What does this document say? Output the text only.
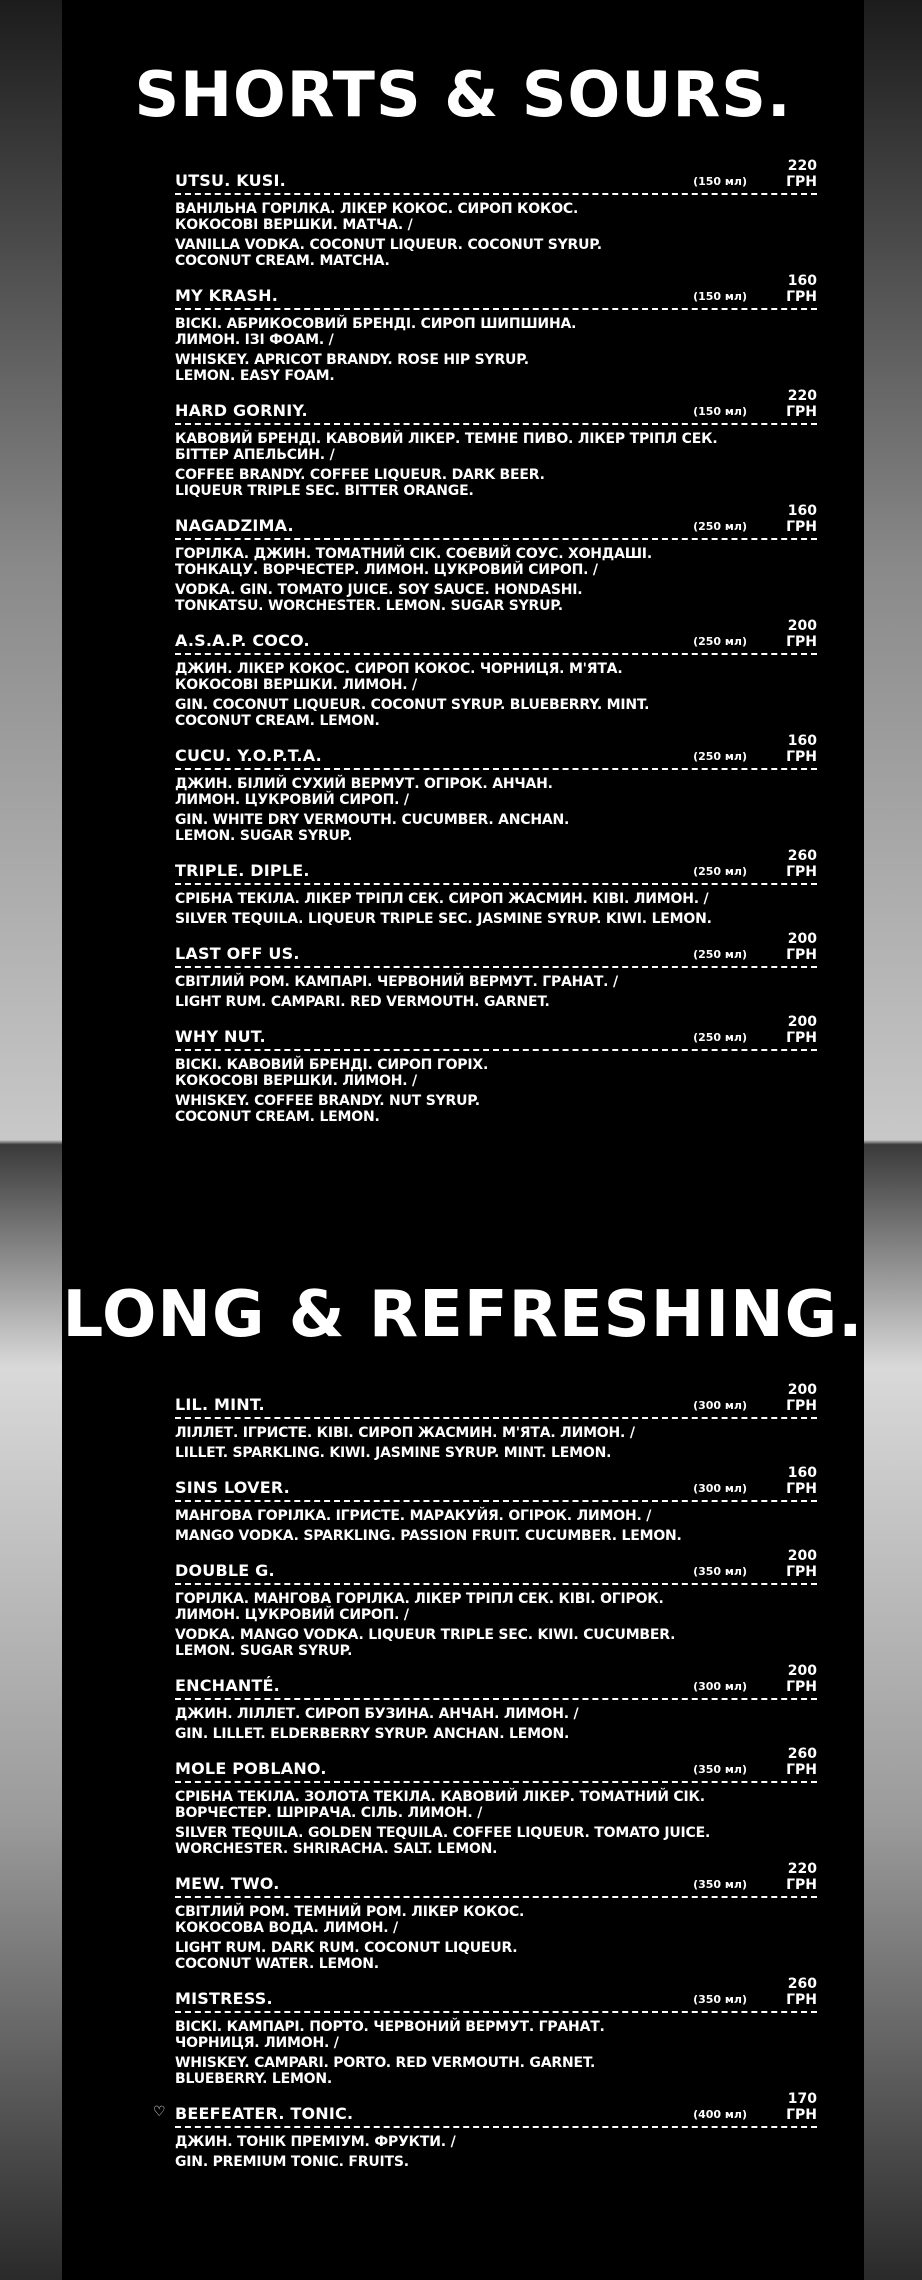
SHORTS & SOURS.
UTSU. KUSI.	(150 мл)
220 ГРН
ВАНІЛЬНА ГОРІЛКА. ЛІКЕР КОКОС. СИРОП КОКОС.
КОКОСОВІ ВЕРШКИ. МАТЧА. /
VANILLA VODKA. COCONUT LIQUEUR. COCONUT SYRUP.
COCONUT CREAM. MATCHA.
MY KRASH.	(150 мл)
160 ГРН
ВІСКІ. АБРИКОСОВИЙ БРЕНДІ. СИРОП ШИПШИНА.
ЛИМОН. ІЗІ ФОАМ. /
WHISKEY. APRICOT BRANDY. ROSE HIP SYRUP.
LEMON. EASY FOAM.
HARD GORNIY.	(150 мл)
220 ГРН
КАВОВИЙ БРЕНДІ. КАВОВИЙ ЛІКЕР. ТЕМНЕ ПИВО. ЛІКЕР ТРІПЛ СЕК.
БІТТЕР АПЕЛЬСИН. /
COFFEE BRANDY. COFFEE LIQUEUR. DARK BEER.
LIQUEUR TRIPLE SEC. BITTER ORANGE.
NAGADZIMA.	(250 мл)
160 ГРН
ГОРІЛКА. ДЖИН. ТОМАТНИЙ СІК. СОЄВИЙ СОУС. ХОНДАШІ.
ТОНКАЦУ. ВОРЧЕСТЕР. ЛИМОН. ЦУКРОВИЙ СИРОП. /
VODKA. GIN. TOMATO JUICE. SOY SAUCE. HONDASHI.
TONKATSU. WORCHESTER. LEMON. SUGAR SYRUP.
A.S.A.P. COCO.	(250 мл)
200 ГРН
ДЖИН. ЛІКЕР КОКОС. СИРОП КОКОС. ЧОРНИЦЯ. М'ЯТА.
КОКОСОВІ ВЕРШКИ. ЛИМОН. /
GIN. COCONUT LIQUEUR. COCONUT SYRUP. BLUEBERRY. MINT.
COCONUT CREAM. LEMON.
CUCU. Y.O.P.T.A.	(250 мл)
160 ГРН
ДЖИН. БІЛИЙ СУХИЙ ВЕРМУТ. ОГІРОК. АНЧАН.
ЛИМОН. ЦУКРОВИЙ СИРОП. /
GIN. WHITE DRY VERMOUTH. CUCUMBER. ANCHAN.
LEMON. SUGAR SYRUP.
TRIPLE. DIPLE.	(250 мл)
260 ГРН
СРІБНА ТЕКІЛА. ЛІКЕР ТРІПЛ СЕК. СИРОП ЖАСМИН. КІВІ. ЛИМОН. /
SILVER TEQUILA. LIQUEUR TRIPLE SEC. JASMINE SYRUP. KIWI. LEMON.
LAST OFF US.	(250 мл)
200 ГРН
СВІТЛИЙ РОМ. КАМПАРІ. ЧЕРВОНИЙ ВЕРМУТ. ГРАНАТ. /
LIGHT RUM. CAMPARI. RED VERMOUTH. GARNET.
WHY NUT.	(250 мл)
200 ГРН
ВІСКІ. КАВОВИЙ БРЕНДІ. СИРОП ГОРІХ.
КОКОСОВІ ВЕРШКИ. ЛИМОН. /
WHISKEY. COFFEE BRANDY. NUT SYRUP.
COCONUT CREAM. LEMON.
LONG & REFRESHING.
LIL. MINT.	(300 мл)
200 ГРН
ЛІЛЛЕТ. ІГРИСТЕ. КІВІ. СИРОП ЖАСМИН. М'ЯТА. ЛИМОН. /
LILLET. SPARKLING. KIWI. JASMINE SYRUP. MINT. LEMON.
SINS LOVER.	(300 мл)
160 ГРН
МАНГОВА ГОРІЛКА. ІГРИСТЕ. МАРАКУЙЯ. ОГІРОК. ЛИМОН. /
MANGO VODKA. SPARKLING. PASSION FRUIT. CUCUMBER. LEMON.
DOUBLE G.	(350 мл)
200 ГРН
ГОРІЛКА. МАНГОВА ГОРІЛКА. ЛІКЕР ТРІПЛ СЕК. КІВІ. ОГІРОК.
ЛИМОН. ЦУКРОВИЙ СИРОП. /
VODKA. MANGO VODKA. LIQUEUR TRIPLE SEC. KIWI. CUCUMBER.
LEMON. SUGAR SYRUP.
ENCHANTÉ.	(300 мл)
200 ГРН
ДЖИН. ЛІЛЛЕТ. СИРОП БУЗИНА. АНЧАН. ЛИМОН. /
GIN. LILLET. ELDERBERRY SYRUP. ANCHAN. LEMON.
MOLE POBLANO.	(350 мл)
260 ГРН
СРІБНА ТЕКІЛА. ЗОЛОТА ТЕКІЛА. КАВОВИЙ ЛІКЕР. ТОМАТНИЙ СІК.
ВОРЧЕСТЕР. ШРІРАЧА. СІЛЬ. ЛИМОН. /
SILVER TEQUILA. GOLDEN TEQUILA. COFFEE LIQUEUR. TOMATO JUICE.
WORCHESTER. SHRIRACHA. SALT. LEMON.
MEW. TWO.	(350 мл)
220 ГРН
СВІТЛИЙ РОМ. ТЕМНИЙ РОМ. ЛІКЕР КОКОС.
КОКОСОВА ВОДА. ЛИМОН. /
LIGHT RUM. DARK RUM. COCONUT LIQUEUR.
COCONUT WATER. LEMON.
MISTRESS.	(350 мл)
260 ГРН
ВІСКІ. КАМПАРІ. ПОРТО. ЧЕРВОНИЙ ВЕРМУТ. ГРАНАТ.
ЧОРНИЦЯ. ЛИМОН. /
WHISKEY. CAMPARI. PORTO. RED VERMOUTH. GARNET.
BLUEBERRY. LEMON.
♡ BEEFEATER. TONIC.	(400 мл)
170 ГРН
ДЖИН. ТОНІК ПРЕМІУМ. ФРУКТИ. /
GIN. PREMIUM TONIC. FRUITS.
